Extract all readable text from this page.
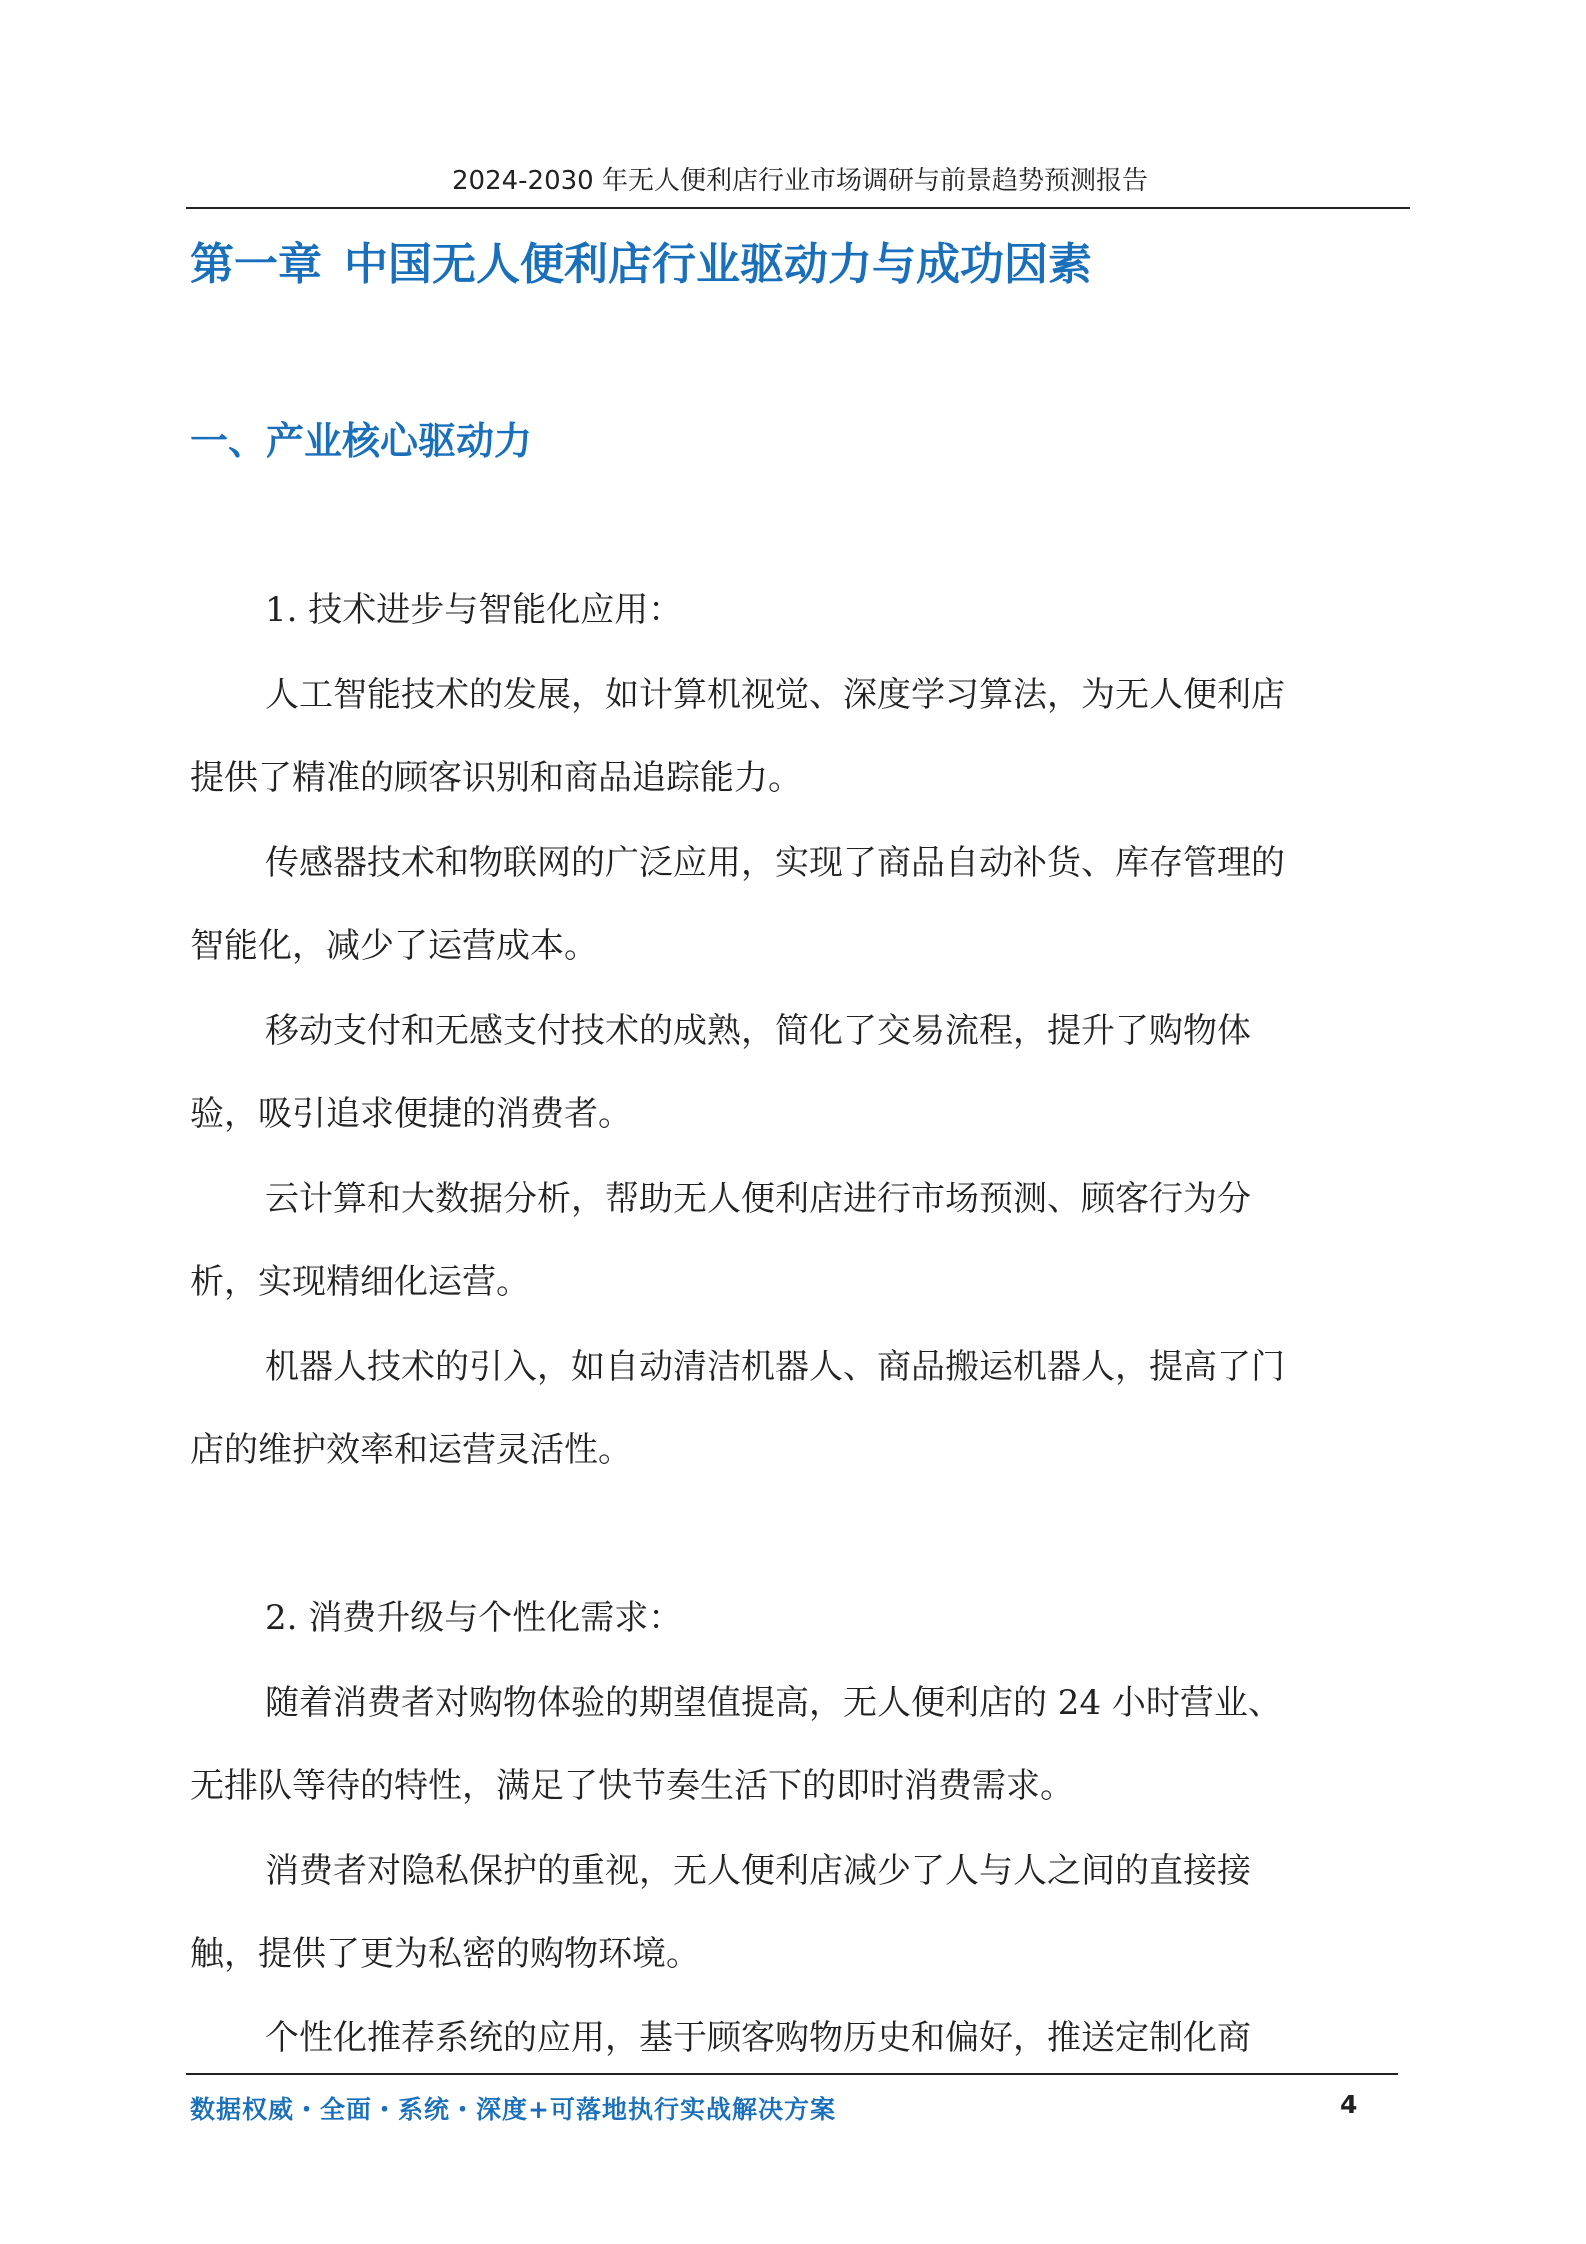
2024-2030 年无人便利店行业市场调研与前景趋势预测报告
第一章 中国无人便利店行业驱动力与成功因素
一、产业核心驱动力
1. 技术进步与智能化应用：
人工智能技术的发展，如计算机视觉、深度学习算法，为无人便利店
提供了精准的顾客识别和商品追踪能力。
传感器技术和物联网的广泛应用，实现了商品自动补货、库存管理的
智能化，减少了运营成本。
移动支付和无感支付技术的成熟，简化了交易流程，提升了购物体
验，吸引追求便捷的消费者。
云计算和大数据分析，帮助无人便利店进行市场预测、顾客行为分
析，实现精细化运营。
机器人技术的引入，如自动清洁机器人、商品搬运机器人，提高了门
店的维护效率和运营灵活性。
2. 消费升级与个性化需求：
随着消费者对购物体验的期望值提高，无人便利店的 24 小时营业、
无排队等待的特性，满足了快节奏生活下的即时消费需求。
消费者对隐私保护的重视，无人便利店减少了人与人之间的直接接
触，提供了更为私密的购物环境。
个性化推荐系统的应用，基于顾客购物历史和偏好，推送定制化商
数据权威・全面・系统・深度+可落地执行实战解决方案	4
